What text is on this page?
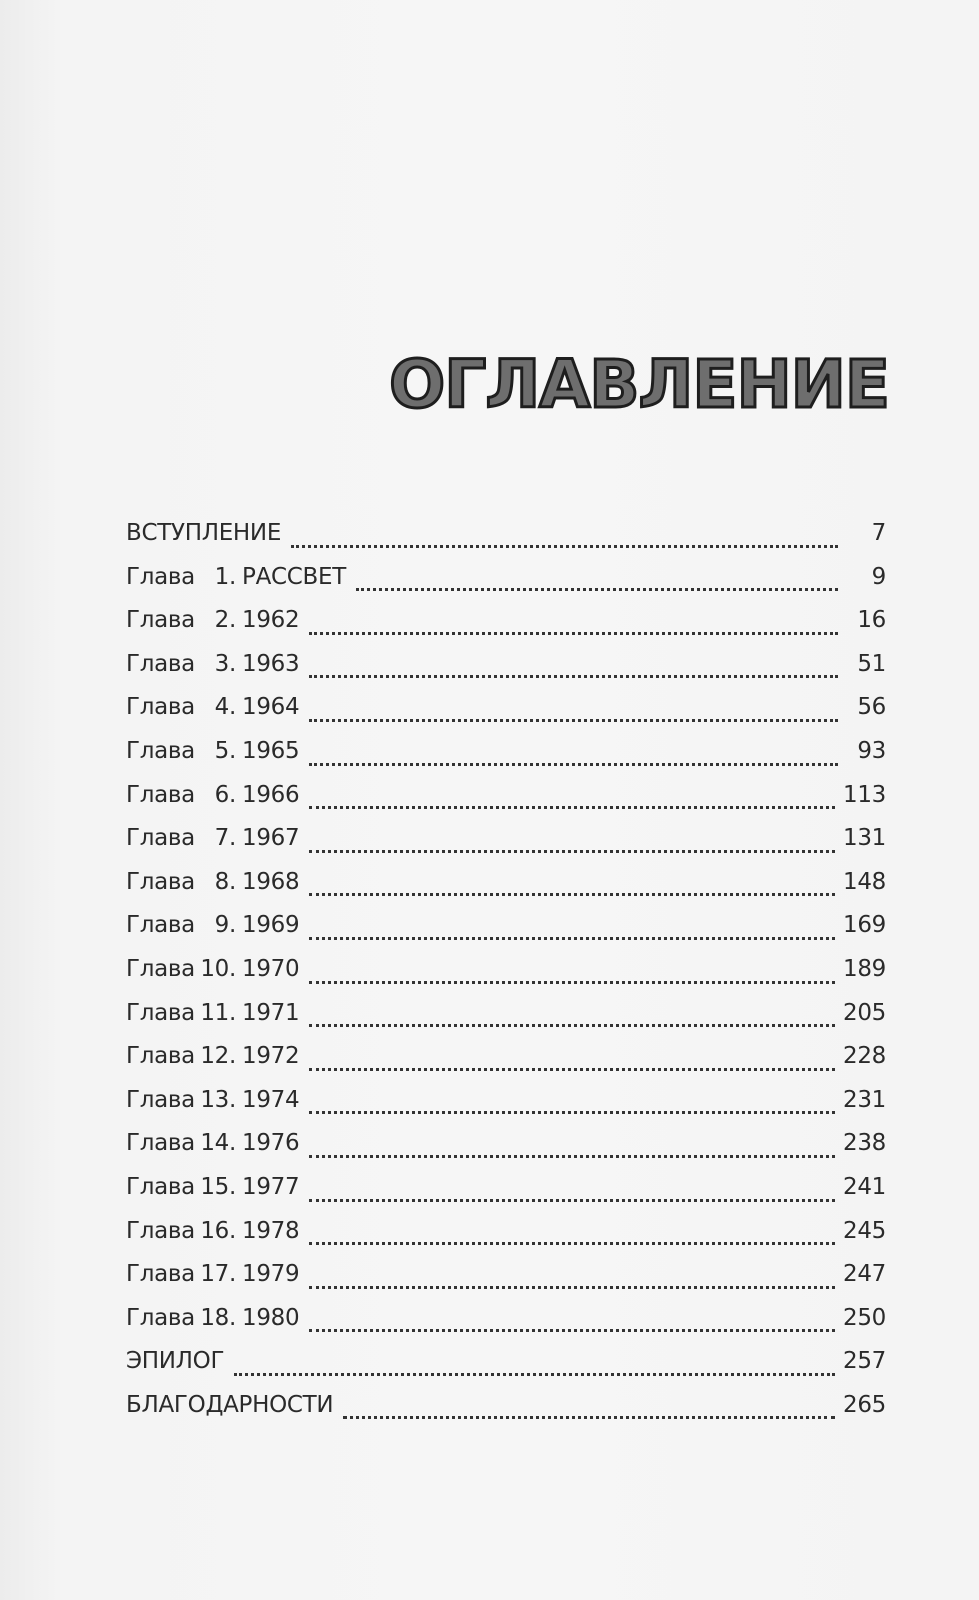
ОГЛАВЛЕНИЕ
ВСТУПЛЕНИЕ	7
Глава 1. РАССВЕТ	9
Глава 2. 1962	16
Глава 3. 1963	51
Глава 4. 1964	56
Глава 5. 1965	93
Глава 6. 1966	113
Глава 7. 1967	131
Глава 8. 1968	148
Глава 9. 1969	169
Глава 10. 1970	189
Глава 11. 1971	205
Глава 12. 1972	228
Глава 13. 1974	231
Глава 14. 1976	238
Глава 15. 1977	241
Глава 16. 1978	245
Глава 17. 1979	247
Глава 18. 1980	250
ЭПИЛОГ	257
БЛАГОДАРНОСТИ	265
